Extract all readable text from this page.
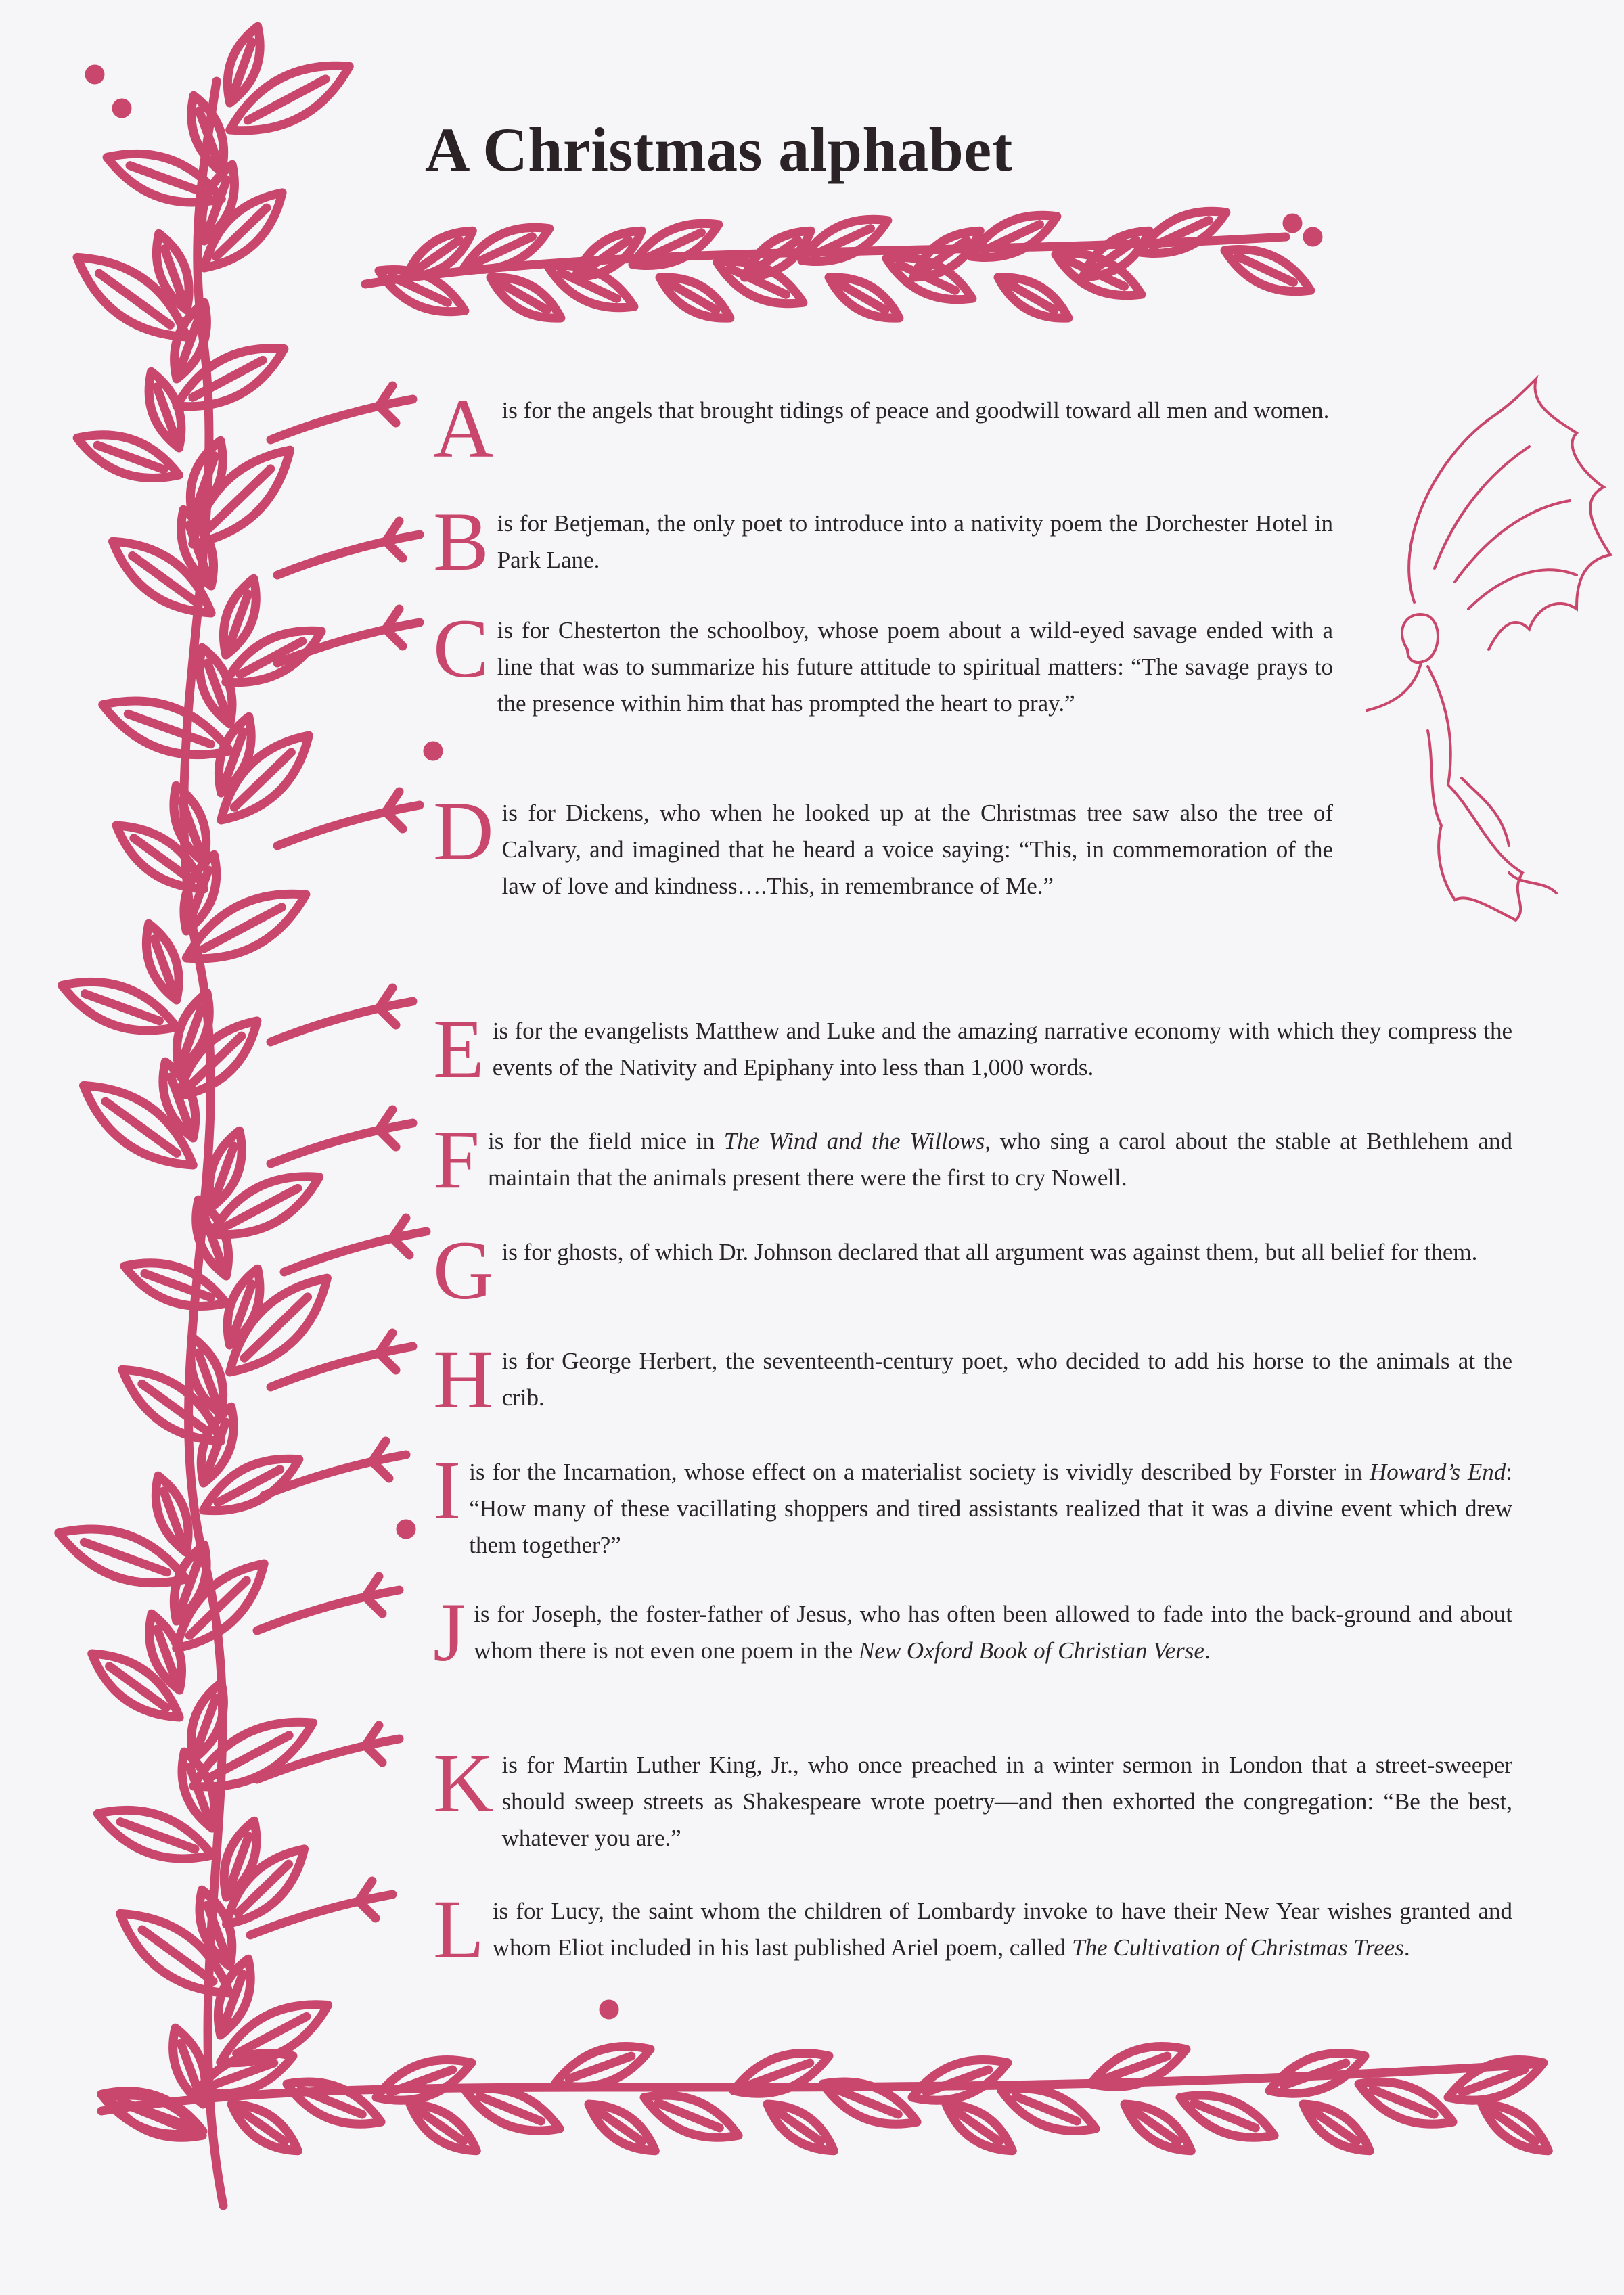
A Christmas alphabet
Ais for the angels that brought tidings of peace and goodwill toward all men and women.
Bis for Betjeman, the only poet to introduce into a nativity poem the Dorchester Hotel in Park Lane.
Cis for Chesterton the schoolboy, whose poem about a wild-eyed savage ended with a line that was to summarize his future attitude to spiritual matters: “The savage prays to the presence within him that has prompted the heart to pray.”
Dis for Dickens, who when he looked up at the Christmas tree saw also the tree of Calvary, and imagined that he heard a voice saying: “This, in commemoration of the law of love and kindness….This, in remembrance of Me.”
Eis for the evangelists Matthew and Luke and the amazing narrative economy with which they compress the events of the Nativity and Epiphany into less than 1,000 words.
Fis for the field mice in The Wind and the Willows, who sing a carol about the stable at Bethlehem and maintain that the animals present there were the first to cry Nowell.
Gis for ghosts, of which Dr. Johnson declared that all argument was against them, but all belief for them.
His for George Herbert, the seventeenth-century poet, who decided to add his horse to the animals at the crib.
Iis for the Incarnation, whose effect on a materialist society is vividly described by Forster in Howard’s End: “How many of these vacillating shoppers and tired assistants realized that it was a divine event which drew them together?”
Jis for Joseph, the foster-father of Jesus, who has often been allowed to fade into the back-ground and about whom there is not even one poem in the New Oxford Book of Christian Verse.
Kis for Martin Luther King, Jr., who once preached in a winter sermon in London that a street-sweeper should sweep streets as Shakespeare wrote poetry—and then exhorted the congregation: “Be the best, whatever you are.”
Lis for Lucy, the saint whom the children of Lombardy invoke to have their New Year wishes granted and whom Eliot included in his last published Ariel poem, called The Cultivation of Christmas Trees.
